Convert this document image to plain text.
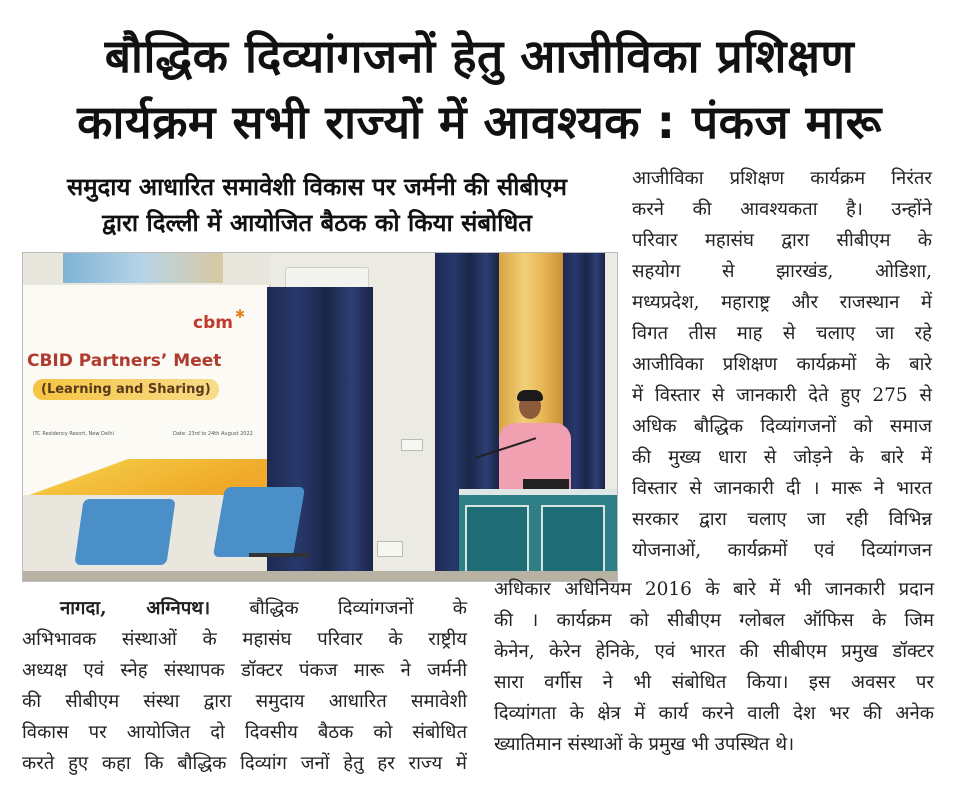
बौद्धिक दिव्यांगजनों हेतु आजीविका प्रशिक्षण
कार्यक्रम सभी राज्यों में आवश्यक : पंकज मारू
समुदाय आधारित समावेशी विकास पर जर्मनी की सीबीएम
द्वारा दिल्ली में आयोजित बैठक को किया संबोधित
cbm ✱
CBID Partners’ Meet
(Learning and Sharing)
ITC Residency Resort, New Delhi	Date: 23rd to 24th August 2022
आजीविका प्रशिक्षण कार्यक्रम निरंतर
करने की आवश्यकता है। उन्होंने
परिवार महासंघ द्वारा सीबीएम के
सहयोग से झारखंड, ओडिशा,
मध्यप्रदेश, महाराष्ट्र और राजस्थान में
विगत तीस माह से चलाए जा रहे
आजीविका प्रशिक्षण कार्यक्रमों के बारे
में विस्तार से जानकारी देते हुए 275 से
अधिक बौद्धिक दिव्यांगजनों को समाज
की मुख्य धारा से जोड़ने के बारे में
विस्तार से जानकारी दी । मारू ने भारत
सरकार द्वारा चलाए जा रही विभिन्न
योजनाओं, कार्यक्रमों एवं दिव्यांगजन
अधिकार अधिनियम 2016 के बारे में भी जानकारी प्रदान
की । कार्यक्रम को सीबीएम ग्लोबल ऑफिस के जिम
केनेन, केरेन हेनिके, एवं भारत की सीबीएम प्रमुख डॉक्टर
सारा वर्गीस ने भी संबोधित किया। इस अवसर पर
दिव्यांगता के क्षेत्र में कार्य करने वाली देश भर की अनेक
ख्यातिमान संस्थाओं के प्रमुख भी उपस्थित थे।
नागदा, अग्निपथ। बौद्धिक दिव्यांगजनों के
अभिभावक संस्थाओं के महासंघ परिवार के राष्ट्रीय
अध्यक्ष एवं स्नेह संस्थापक डॉक्टर पंकज मारू ने जर्मनी
की सीबीएम संस्था द्वारा समुदाय आधारित समावेशी
विकास पर आयोजित दो दिवसीय बैठक को संबोधित
करते हुए कहा कि बौद्धिक दिव्यांग जनों हेतु हर राज्य में
